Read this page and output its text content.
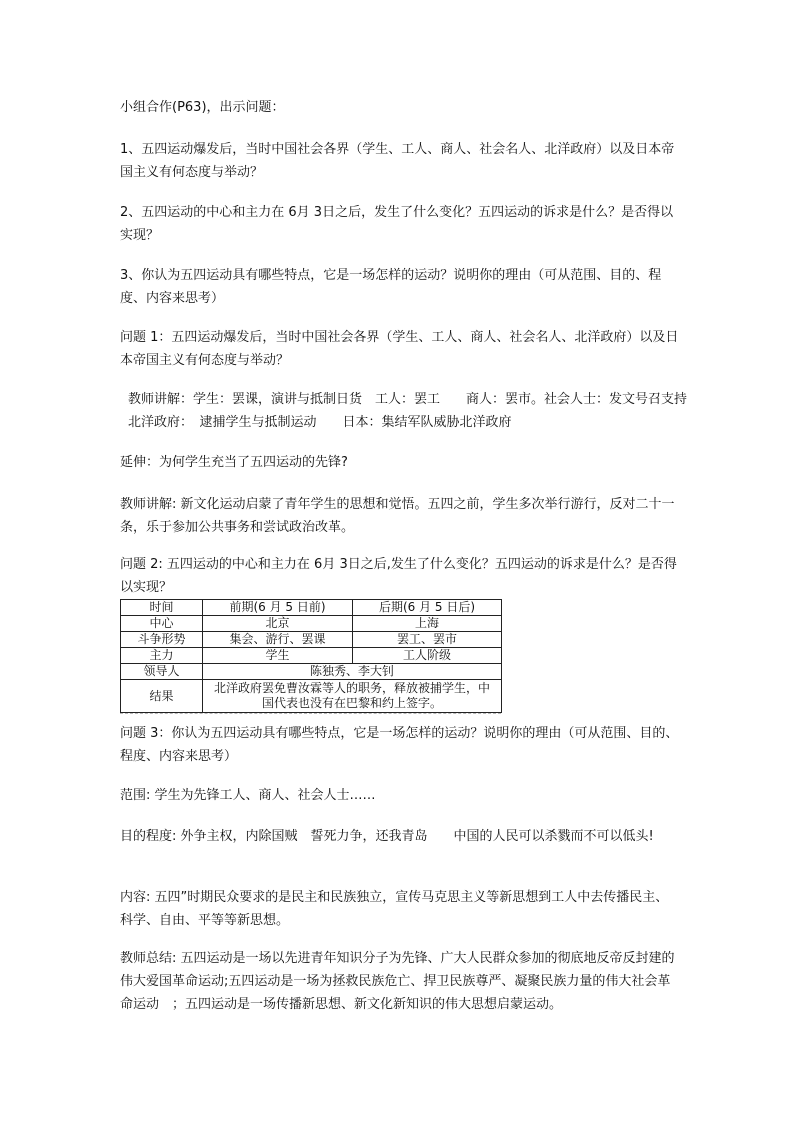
小组合作(P63)，出示问题：

1、五四运动爆发后，当时中国社会各界（学生、工人、商人、社会名人、北洋政府）以及日本帝国主义有何态度与举动？

2、五四运动的中心和主力在 6月 3日之后，发生了什么变化？五四运动的诉求是什么？是否得以实现？

3、你认为五四运动具有哪些特点，它是一场怎样的运动？说明你的理由（可从范围、目的、程度、内容来思考）

问题 1：五四运动爆发后，当时中国社会各界（学生、工人、商人、社会名人、北洋政府）以及日本帝国主义有何态度与举动？

教师讲解：学生：罢课，演讲与抵制日货　工人：罢工　　商人：罢市。社会人士：发文号召支持　　北洋政府：　逮捕学生与抵制运动　　日本：集结军队威胁北洋政府

延伸：为何学生充当了五四运动的先锋?

教师讲解: 新文化运动启蒙了青年学生的思想和觉悟。五四之前，学生多次举行游行，反对二十一条，乐于参加公共事务和尝试政治改革。

问题 2: 五四运动的中心和主力在 6月 3日之后,发生了什么变化？五四运动的诉求是什么？是否得以实现？

时间	前期(6 月 5 日前)	后期(6 月 5 日后)
中心	北京	上海
斗争形势	集会、游行、罢课	罢工、罢市
主力	学生	工人阶级
领导人	陈独秀、李大钊	
结果	北洋政府罢免曹汝霖等人的职务，释放被捕学生，中国代表也没有在巴黎和约上签字。	

问题 3：你认为五四运动具有哪些特点，它是一场怎样的运动？说明你的理由（可从范围、目的、程度、内容来思考）

范围: 学生为先锋工人、商人、社会人士……

目的程度: 外争主权，内除国贼　誓死力争，还我青岛　　中国的人民可以杀戮而不可以低头!

内容: 五四”时期民众要求的是民主和民族独立，宣传马克思主义等新思想到工人中去传播民主、科学、自由、平等等新思想。

教师总结: 五四运动是一场以先进青年知识分子为先锋、广大人民群众参加的彻底地反帝反封建的伟大爱国革命运动;五四运动是一场为拯救民族危亡、捍卫民族尊严、凝聚民族力量的伟大社会革命运动　；五四运动是一场传播新思想、新文化新知识的伟大思想启蒙运动。
